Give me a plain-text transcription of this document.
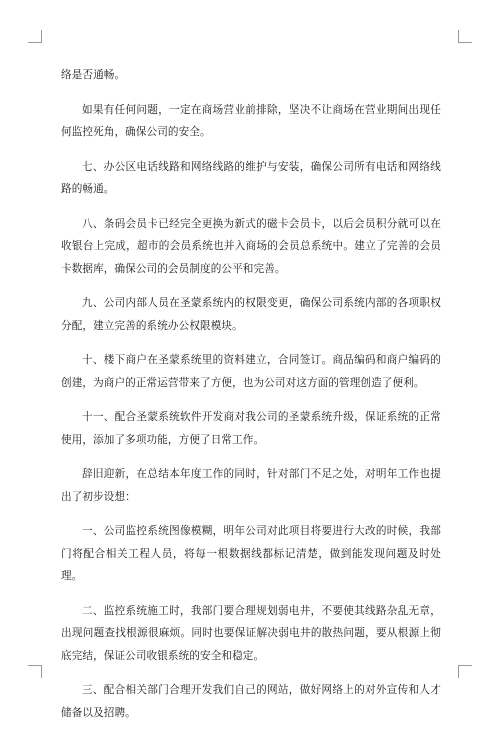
络是否通畅。

如果有任何问题，一定在商场营业前排除，坚决不让商场在营业期间出现任何监控死角，确保公司的安全。

七、办公区电话线路和网络线路的维护与安装，确保公司所有电话和网络线路的畅通。

八、条码会员卡已经完全更换为新式的磁卡会员卡，以后会员积分就可以在收银台上完成，超市的会员系统也并入商场的会员总系统中。建立了完善的会员卡数据库，确保公司的会员制度的公平和完善。

九、公司内部人员在圣蒙系统内的权限变更，确保公司系统内部的各项职权分配，建立完善的系统办公权限模块。

十、楼下商户在圣蒙系统里的资料建立，合同签订。商品编码和商户编码的创建，为商户的正常运营带来了方便，也为公司对这方面的管理创造了便利。

十一、配合圣蒙系统软件开发商对我公司的圣蒙系统升级，保证系统的正常使用，添加了多项功能，方便了日常工作。

辞旧迎新，在总结本年度工作的同时，针对部门不足之处，对明年工作也提出了初步设想：

一、公司监控系统图像模糊，明年公司对此项目将要进行大改的时候，我部门将配合相关工程人员，将每一根数据线都标记清楚，做到能发现问题及时处理。

二、监控系统施工时，我部门要合理规划弱电井，不要使其线路杂乱无章，出现问题查找根源很麻烦。同时也要保证解决弱电井的散热问题，要从根源上彻底完结，保证公司收银系统的安全和稳定。

三、配合相关部门合理开发我们自己的网站，做好网络上的对外宣传和人才储备以及招聘。
